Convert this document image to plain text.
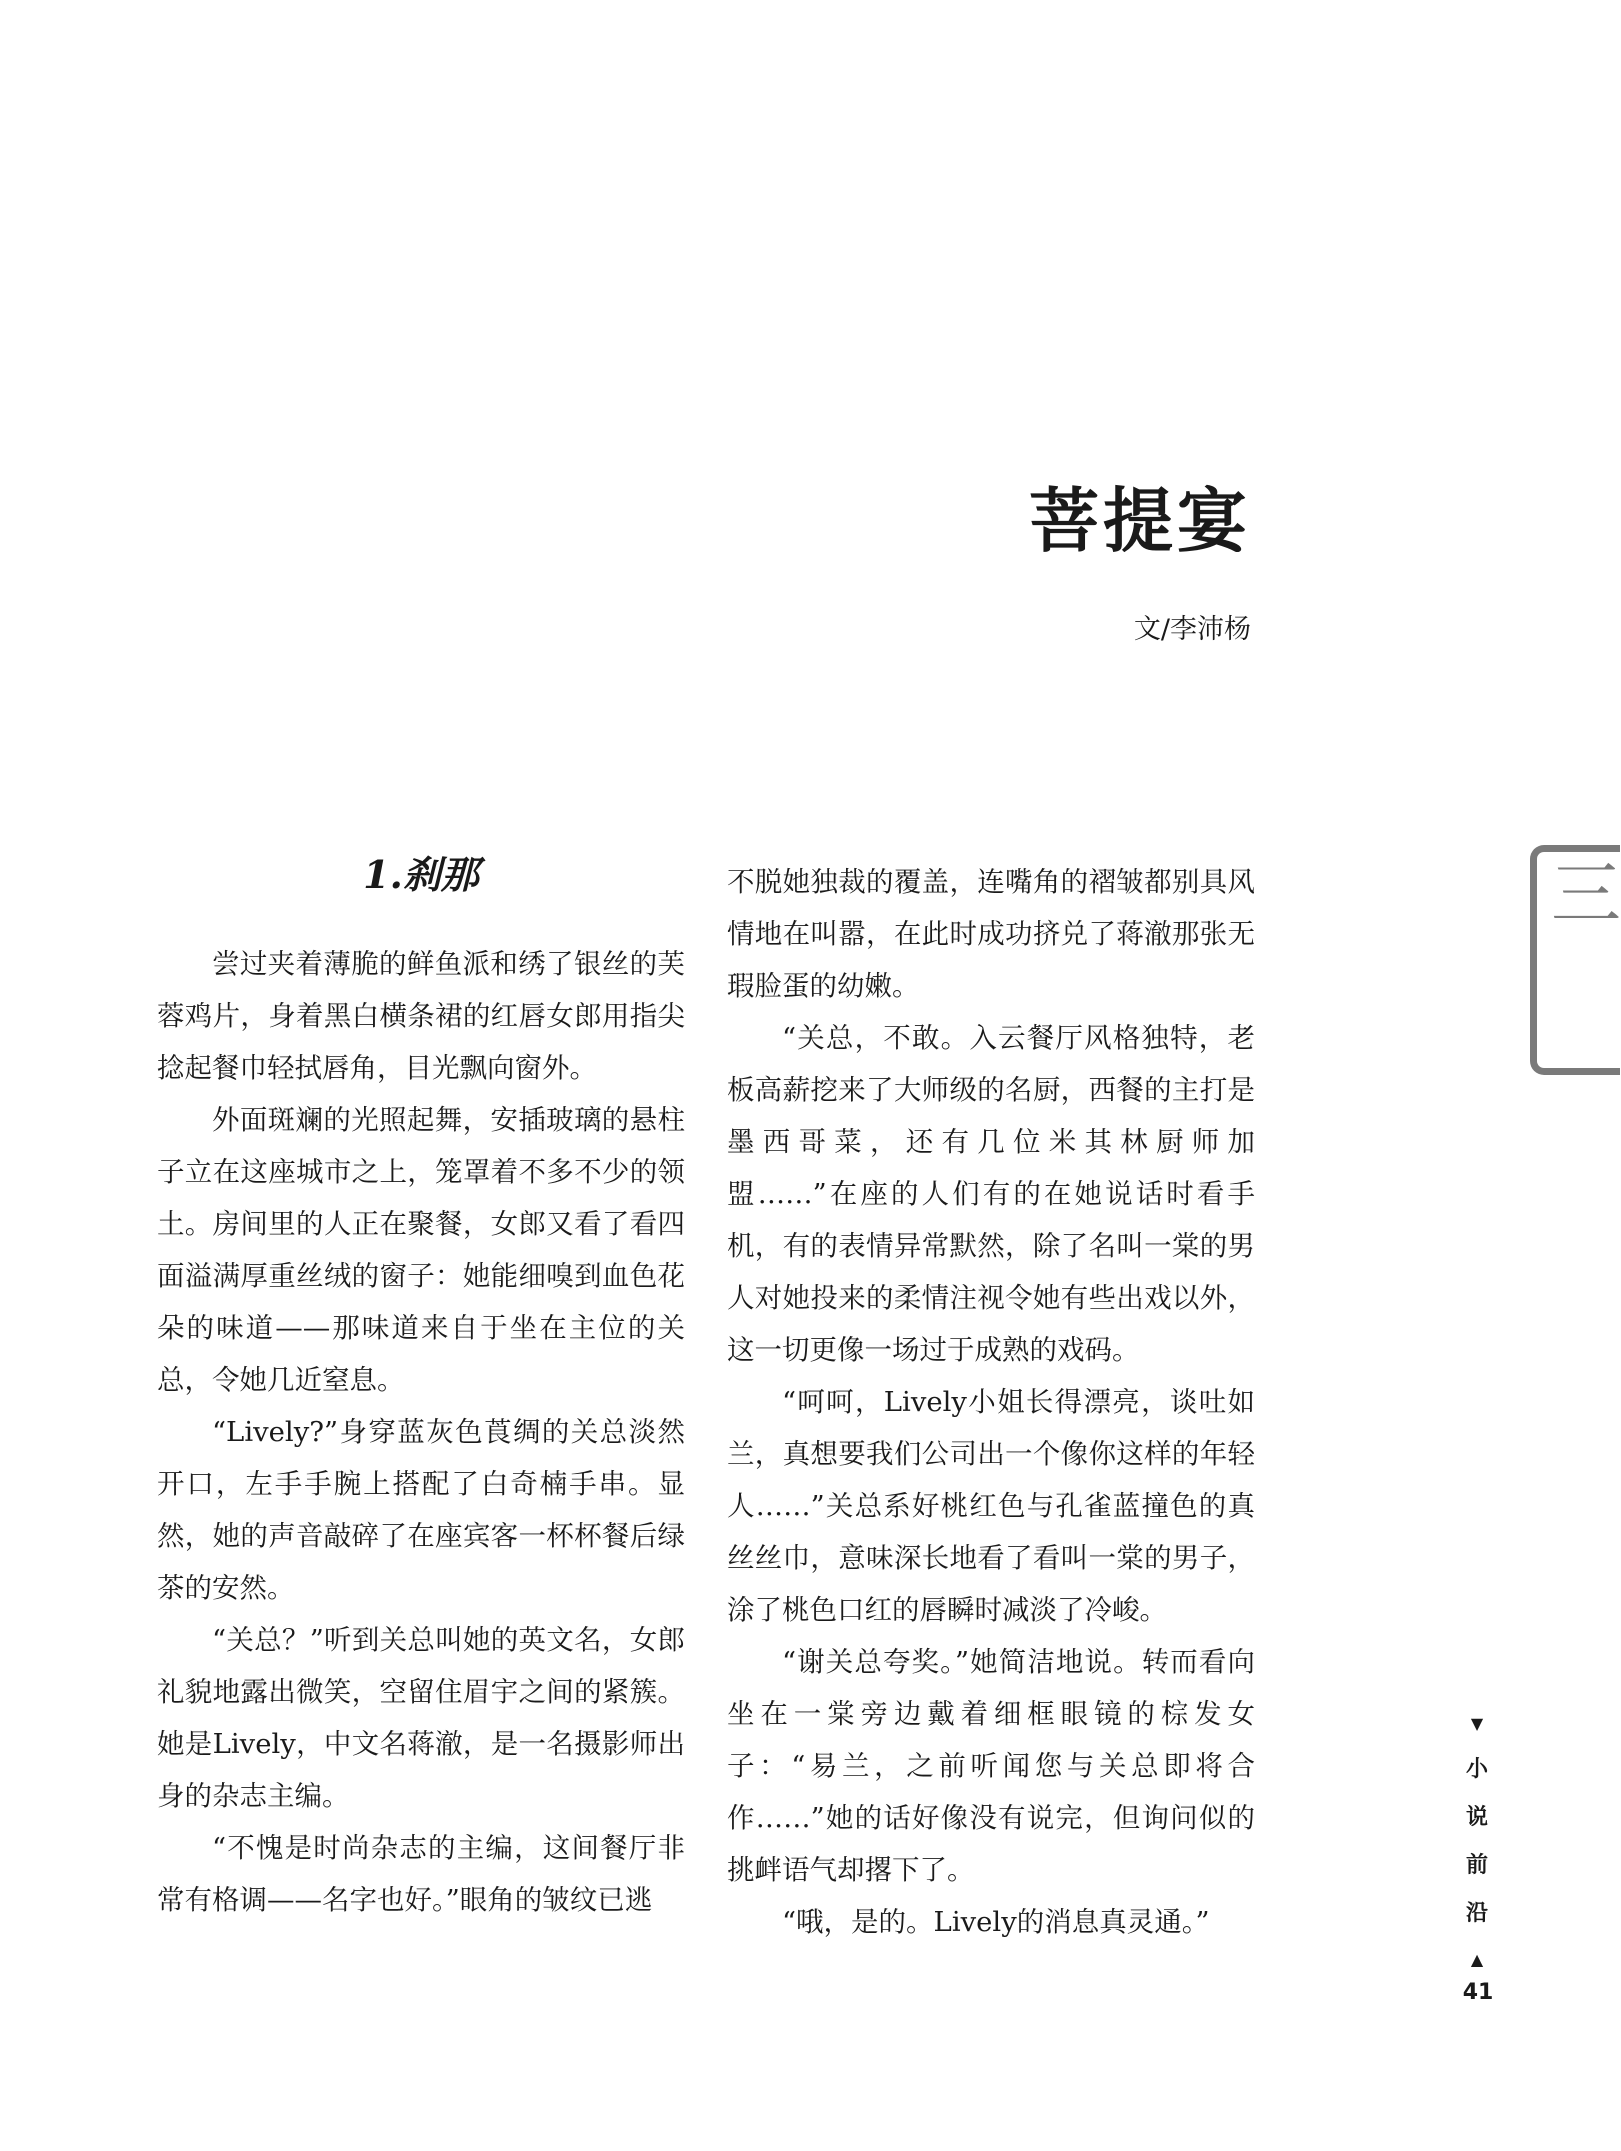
菩提宴
文/李沛杨
1.刹那

尝过夹着薄脆的鲜鱼派和绣了银丝的芙蓉鸡片，身着黑白横条裙的红唇女郎用指尖捻起餐巾轻拭唇角，目光飘向窗外。

外面斑斓的光照起舞，安插玻璃的悬柱子立在这座城市之上，笼罩着不多不少的领土。房间里的人正在聚餐，女郎又看了看四面溢满厚重丝绒的窗子：她能细嗅到血色花朵的味道——那味道来自于坐在主位的关总，令她几近窒息。

“Lively?”身穿蓝灰色莨绸的关总淡然开口，左手手腕上搭配了白奇楠手串。显然，她的声音敲碎了在座宾客一杯杯餐后绿茶的安然。

“关总？”听到关总叫她的英文名，女郎礼貌地露出微笑，空留住眉宇之间的紧簇。她是Lively，中文名蒋澈，是一名摄影师出身的杂志主编。

“不愧是时尚杂志的主编，这间餐厅非常有格调——名字也好。”眼角的皱纹已逃

不脱她独裁的覆盖，连嘴角的褶皱都别具风情地在叫嚣，在此时成功挤兑了蒋澈那张无瑕脸蛋的幼嫩。

“关总，不敢。入云餐厅风格独特，老板高薪挖来了大师级的名厨，西餐的主打是墨西哥菜，还有几位米其林厨师加盟……”在座的人们有的在她说话时看手机，有的表情异常默然，除了名叫一棠的男人对她投来的柔情注视令她有些出戏以外，这一切更像一场过于成熟的戏码。

“呵呵，Lively小姐长得漂亮，谈吐如兰，真想要我们公司出一个像你这样的年轻人……”关总系好桃红色与孔雀蓝撞色的真丝丝巾，意味深长地看了看叫一棠的男子，涂了桃色口红的唇瞬时减淡了冷峻。

“谢关总夸奖。”她简洁地说。转而看向坐在一棠旁边戴着细框眼镜的棕发女子：“易兰，之前听闻您与关总即将合作……”她的话好像没有说完，但询问似的挑衅语气却撂下了。

“哦，是的。Lively的消息真灵通。”

三
▼
小说前沿
▲
41
